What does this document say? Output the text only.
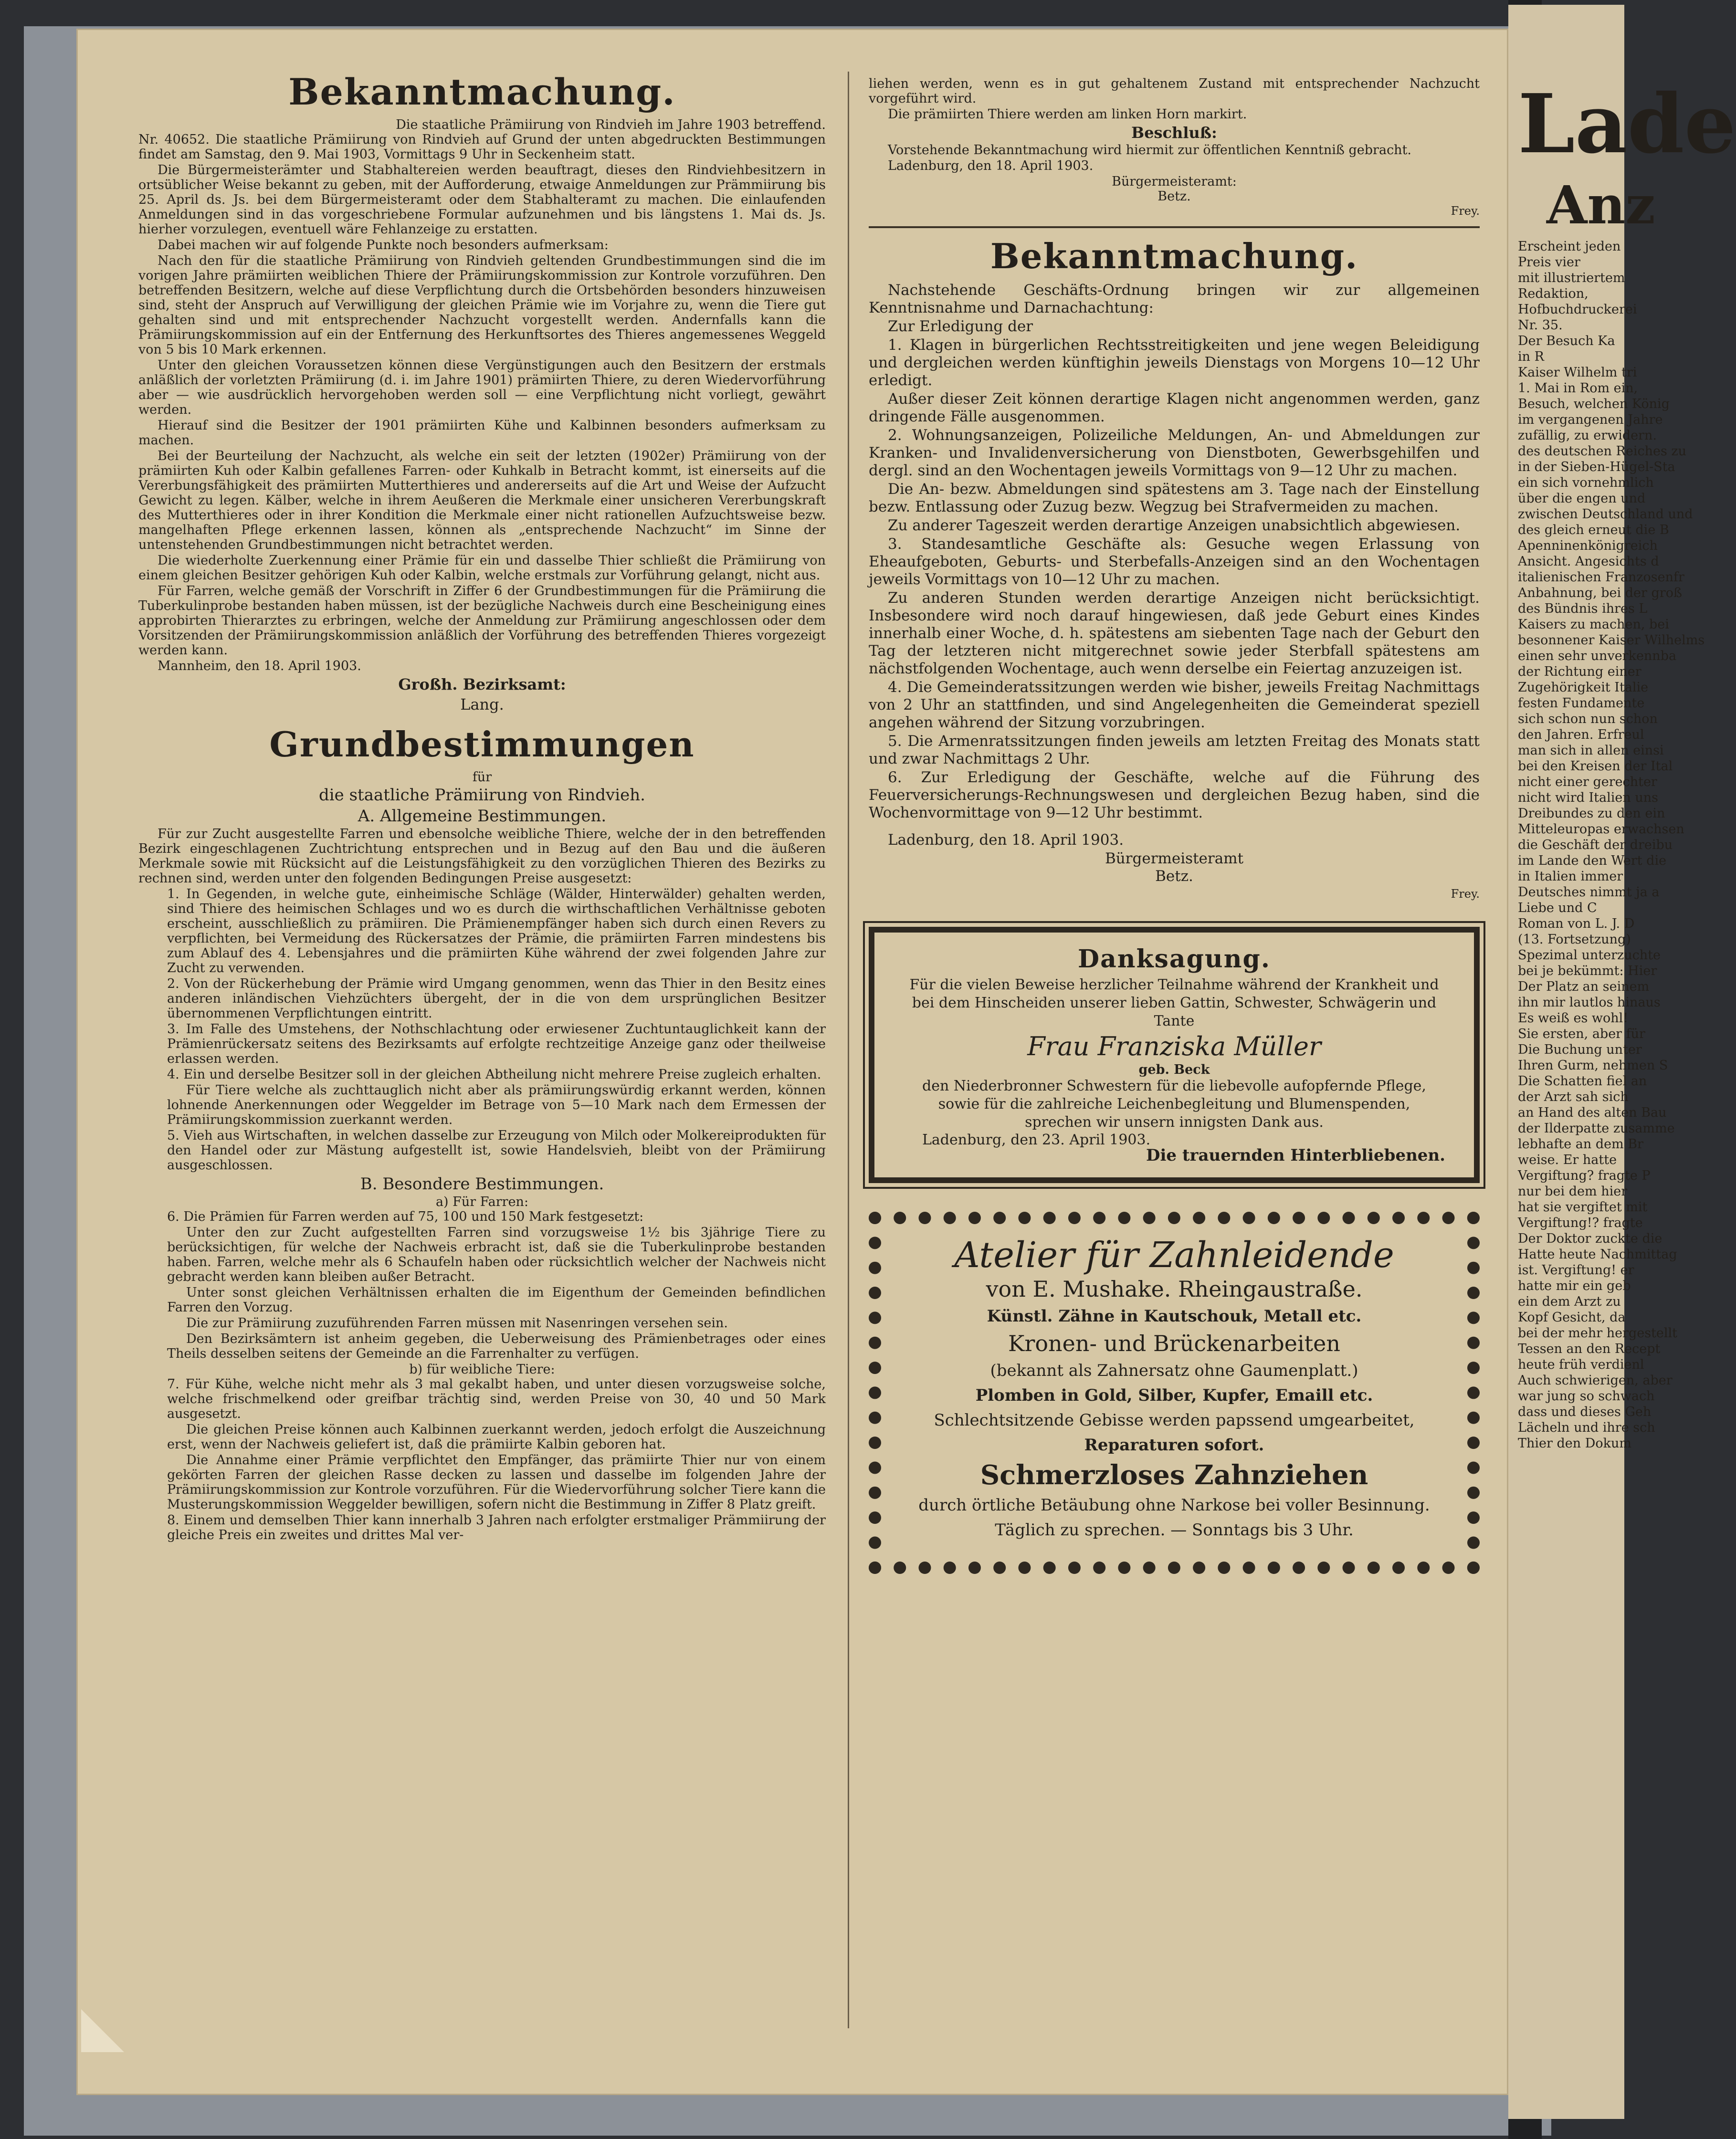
Bekanntmachung.
Die staatliche Prämiirung von Rindvieh im Jahre 1903 betreffend.

Nr. 40652. Die staatliche Prämiirung von Rindvieh auf Grund der unten abgedruckten Bestimmungen findet am Samstag, den 9. Mai 1903, Vormittags 9 Uhr in Seckenheim statt.

Die Bürgermeisterämter und Stabhaltereien werden beauftragt, dieses den Rindviehbesitzern in ortsüblicher Weise bekannt zu geben, mit der Aufforderung, etwaige Anmeldungen zur Prämmiirung bis 25. April ds. Js. bei dem Bürgermeisteramt oder dem Stabhalteramt zu machen. Die einlaufenden Anmeldungen sind in das vorgeschriebene Formular aufzunehmen und bis längstens 1. Mai ds. Js. hierher vorzulegen, eventuell wäre Fehlanzeige zu erstatten.

Dabei machen wir auf folgende Punkte noch besonders aufmerksam:

Nach den für die staatliche Prämiirung von Rindvieh geltenden Grundbestimmungen sind die im vorigen Jahre prämiirten weiblichen Thiere der Prämiirungskommission zur Kontrole vorzuführen. Den betreffenden Besitzern, welche auf diese Verpflichtung durch die Ortsbehörden besonders hinzuweisen sind, steht der Anspruch auf Verwilligung der gleichen Prämie wie im Vorjahre zu, wenn die Tiere gut gehalten sind und mit entsprechender Nachzucht vorgestellt werden. Andernfalls kann die Prämiirungskommission auf ein der Entfernung des Herkunftsortes des Thieres angemessenes Weggeld von 5 bis 10 Mark erkennen.

Unter den gleichen Voraussetzen können diese Vergünstigungen auch den Besitzern der erstmals anläßlich der vorletzten Prämiirung (d. i. im Jahre 1901) prämiirten Thiere, zu deren Wiedervorführung aber — wie ausdrücklich hervorgehoben werden soll — eine Verpflichtung nicht vorliegt, gewährt werden.

Hierauf sind die Besitzer der 1901 prämiirten Kühe und Kalbinnen besonders aufmerksam zu machen.

Bei der Beurteilung der Nachzucht, als welche ein seit der letzten (1902er) Prämiirung von der prämiirten Kuh oder Kalbin gefallenes Farren- oder Kuhkalb in Betracht kommt, ist einerseits auf die Vererbungsfähigkeit des prämiirten Mutterthieres und andererseits auf die Art und Weise der Aufzucht Gewicht zu legen. Kälber, welche in ihrem Aeußeren die Merkmale einer unsicheren Vererbungskraft des Mutterthieres oder in ihrer Kondition die Merkmale einer nicht rationellen Aufzuchtsweise bezw. mangelhaften Pflege erkennen lassen, können als „entsprechende Nachzucht“ im Sinne der untenstehenden Grundbestimmungen nicht betrachtet werden.

Die wiederholte Zuerkennung einer Prämie für ein und dasselbe Thier schließt die Prämiirung von einem gleichen Besitzer gehörigen Kuh oder Kalbin, welche erstmals zur Vorführung gelangt, nicht aus.

Für Farren, welche gemäß der Vorschrift in Ziffer 6 der Grundbestimmungen für die Prämiirung die Tuberkulinprobe bestanden haben müssen, ist der bezügliche Nachweis durch eine Bescheinigung eines approbirten Thierarztes zu erbringen, welche der Anmeldung zur Prämiirung angeschlossen oder dem Vorsitzenden der Prämiirungskommission anläßlich der Vorführung des betreffenden Thieres vorgezeigt werden kann.

Mannheim, den 18. April 1903.

Großh. Bezirksamt:
Lang.
Grundbestimmungen
für
die staatliche Prämiirung von Rindvieh.
A. Allgemeine Bestimmungen.

Für zur Zucht ausgestellte Farren und ebensolche weibliche Thiere, welche der in den betreffenden Bezirk eingeschlagenen Zuchtrichtung entsprechen und in Bezug auf den Bau und die äußeren Merkmale sowie mit Rücksicht auf die Leistungsfähigkeit zu den vorzüglichen Thieren des Bezirks zu rechnen sind, werden unter den folgenden Bedingungen Preise ausgesetzt:

1. In Gegenden, in welche gute, einheimische Schläge (Wälder, Hinterwälder) gehalten werden, sind Thiere des heimischen Schlages und wo es durch die wirthschaftlichen Verhältnisse geboten erscheint, ausschließlich zu prämiiren. Die Prämienempfänger haben sich durch einen Revers zu verpflichten, bei Vermeidung des Rückersatzes der Prämie, die prämiirten Farren mindestens bis zum Ablauf des 4. Lebensjahres und die prämiirten Kühe während der zwei folgenden Jahre zur Zucht zu verwenden.

2. Von der Rückerhebung der Prämie wird Umgang genommen, wenn das Thier in den Besitz eines anderen inländischen Viehzüchters übergeht, der in die von dem ursprünglichen Besitzer übernommenen Verpflichtungen eintritt.

3. Im Falle des Umstehens, der Nothschlachtung oder erwiesener Zuchtuntauglichkeit kann der Prämienrückersatz seitens des Bezirksamts auf erfolgte rechtzeitige Anzeige ganz oder theilweise erlassen werden.

4. Ein und derselbe Besitzer soll in der gleichen Abtheilung nicht mehrere Preise zugleich erhalten.

Für Tiere welche als zuchttauglich nicht aber als prämiirungswürdig erkannt werden, können lohnende Anerkennungen oder Weggelder im Betrage von 5—10 Mark nach dem Ermessen der Prämiirungskommission zuerkannt werden.

5. Vieh aus Wirtschaften, in welchen dasselbe zur Erzeugung von Milch oder Molkereiprodukten für den Handel oder zur Mästung aufgestellt ist, sowie Handelsvieh, bleibt von der Prämiirung ausgeschlossen.

B. Besondere Bestimmungen.
a) Für Farren:

6. Die Prämien für Farren werden auf 75, 100 und 150 Mark festgesetzt:

Unter den zur Zucht aufgestellten Farren sind vorzugsweise 1½ bis 3jährige Tiere zu berücksichtigen, für welche der Nachweis erbracht ist, daß sie die Tuberkulinprobe bestanden haben. Farren, welche mehr als 6 Schaufeln haben oder rücksichtlich welcher der Nachweis nicht gebracht werden kann bleiben außer Betracht.

Unter sonst gleichen Verhältnissen erhalten die im Eigenthum der Gemeinden befindlichen Farren den Vorzug.

Die zur Prämiirung zuzuführenden Farren müssen mit Nasenringen versehen sein.

Den Bezirksämtern ist anheim gegeben, die Ueberweisung des Prämienbetrages oder eines Theils desselben seitens der Gemeinde an die Farrenhalter zu verfügen.

b) für weibliche Tiere:

7. Für Kühe, welche nicht mehr als 3 mal gekalbt haben, und unter diesen vorzugsweise solche, welche frischmelkend oder greifbar trächtig sind, werden Preise von 30, 40 und 50 Mark ausgesetzt.

Die gleichen Preise können auch Kalbinnen zuerkannt werden, jedoch erfolgt die Auszeichnung erst, wenn der Nachweis geliefert ist, daß die prämiirte Kalbin geboren hat.

Die Annahme einer Prämie verpflichtet den Empfänger, das prämiirte Thier nur von einem gekörten Farren der gleichen Rasse decken zu lassen und dasselbe im folgenden Jahre der Prämiirungskommission zur Kontrole vorzuführen. Für die Wiedervorführung solcher Tiere kann die Musterungskommission Weggelder bewilligen, sofern nicht die Bestimmung in Ziffer 8 Platz greift.

8. Einem und demselben Thier kann innerhalb 3 Jahren nach erfolgter erstmaliger Prämmiirung der gleiche Preis ein zweites und drittes Mal ver-

liehen werden, wenn es in gut gehaltenem Zustand mit entsprechender Nachzucht vorgeführt wird.

Die prämiirten Thiere werden am linken Horn markirt.

Beschluß:

Vorstehende Bekanntmachung wird hiermit zur öffentlichen Kenntniß gebracht.

Ladenburg, den 18. April 1903.

Bürgermeisteramt:
Betz.
Frey.
Bekanntmachung.

Nachstehende Geschäfts-Ordnung bringen wir zur allgemeinen Kenntnisnahme und Darnachachtung:

Zur Erledigung der

1. Klagen in bürgerlichen Rechtsstreitigkeiten und jene wegen Beleidigung und dergleichen werden künftighin jeweils Dienstags von Morgens 10—12 Uhr erledigt.

Außer dieser Zeit können derartige Klagen nicht angenommen werden, ganz dringende Fälle ausgenommen.

2. Wohnungsanzeigen, Polizeiliche Meldungen, An- und Abmeldungen zur Kranken- und Invalidenversicherung von Dienstboten, Gewerbsgehilfen und dergl. sind an den Wochentagen jeweils Vormittags von 9—12 Uhr zu machen.

Die An- bezw. Abmeldungen sind spätestens am 3. Tage nach der Einstellung bezw. Entlassung oder Zuzug bezw. Wegzug bei Strafvermeiden zu machen.

Zu anderer Tageszeit werden derartige Anzeigen unabsichtlich abgewiesen.

3. Standesamtliche Geschäfte als: Gesuche wegen Erlassung von Eheaufgeboten, Geburts- und Sterbefalls-Anzeigen sind an den Wochentagen jeweils Vormittags von 10—12 Uhr zu machen.

Zu anderen Stunden werden derartige Anzeigen nicht berücksichtigt. Insbesondere wird noch darauf hingewiesen, daß jede Geburt eines Kindes innerhalb einer Woche, d. h. spätestens am siebenten Tage nach der Geburt den Tag der letzteren nicht mitgerechnet sowie jeder Sterbfall spätestens am nächstfolgenden Wochentage, auch wenn derselbe ein Feiertag anzuzeigen ist.

4. Die Gemeinderatssitzungen werden wie bisher, jeweils Freitag Nachmittags von 2 Uhr an stattfinden, und sind Angelegenheiten die Gemeinderat speziell angehen während der Sitzung vorzubringen.

5. Die Armenratssitzungen finden jeweils am letzten Freitag des Monats statt und zwar Nachmittags 2 Uhr.

6. Zur Erledigung der Geschäfte, welche auf die Führung des Feuerversicherungs-Rechnungswesen und dergleichen Bezug haben, sind die Wochenvormittage von 9—12 Uhr bestimmt.

Ladenburg, den 18. April 1903.

Bürgermeisteramt
Betz.
Frey.
Danksagung.

Für die vielen Beweise herzlicher Teilnahme während der Krankheit und bei dem Hinscheiden unserer lieben Gattin, Schwester, Schwägerin und Tante

Frau Franziska Müller
geb. Beck

den Niederbronner Schwestern für die liebevolle aufopfernde Pflege, sowie für die zahlreiche Leichenbegleitung und Blumenspenden, sprechen wir unsern innigsten Dank aus.

Ladenburg, den 23. April 1903.

Die trauernden Hinterbliebenen.
Atelier für Zahnleidende
von E. Mushake. Rheingaustraße.
Künstl. Zähne in Kautschouk, Metall etc.
Kronen- und Brückenarbeiten
(bekannt als Zahnersatz ohne Gaumenplatt.)
Plomben in Gold, Silber, Kupfer, Emaill etc.
Schlechtsitzende Gebisse werden papssend umgearbeitet,
Reparaturen sofort.
Schmerzloses Zahnziehen
durch örtliche Betäubung ohne Narkose bei voller Besinnung.
Täglich zu sprechen. — Sonntags bis 3 Uhr.
Lade
Anz
Erscheint jeden
Preis vier
mit illustriertem
Redaktion,
Hofbuchdruckerei
Nr. 35.
Der Besuch Ka
in R
Kaiser Wilhelm tri
1. Mai in Rom ein,
Besuch, welchen König
im vergangenen Jahre
zufällig, zu erwidern.
des deutschen Reiches zu
in der Sieben-Hügel-Sta
ein sich vornehmlich
über die engen und
zwischen Deutschland und
des gleich erneut die B
Apenninenkönigreich
Ansicht. Angesichts d
italienischen Franzosenfr
Anbahnung, bei der groß
des Bündnis ihres L
Kaisers zu machen, bei
besonnener Kaiser Wilhelms
einen sehr unverkennba
der Richtung einer
Zugehörigkeit Italie
festen Fundamente
sich schon nun schon
den Jahren. Erfreul
man sich in allen einsi
bei den Kreisen der Ital
nicht einer gerechter
nicht wird Italien uns
Dreibundes zu den ein
Mitteleuropas erwachsen
die Geschäft der dreibu
im Lande den Wert die
in Italien immer
Deutsches nimmt ja a
Liebe und C
Roman von L. J. D
(13. Fortsetzung)
Spezimal unterzuchte
bei je bekümmt: Hier
Der Platz an seinem
ihn mir lautlos hinaus
Es weiß es wohl!
Sie ersten, aber für
Die Buchung unter
Ihren Gurm, nehmen S
Die Schatten fiel an
der Arzt sah sich
an Hand des alten Bau
der Ilderpatte zusamme
lebhafte an dem Br
weise. Er hatte
Vergiftung? fragte P
nur bei dem hier
hat sie vergiftet mit
Vergiftung!? fragte
Der Doktor zuckte die
Hatte heute Nachmittag
ist. Vergiftung! er
hatte mir ein geb
ein dem Arzt zu
Kopf Gesicht, da
bei der mehr hergestellt
Tessen an den Recept
heute früh verdienl
Auch schwierigen, aber
war jung so schwach
dass und dieses Geh
Lächeln und ihre sch
Thier den Dokum
